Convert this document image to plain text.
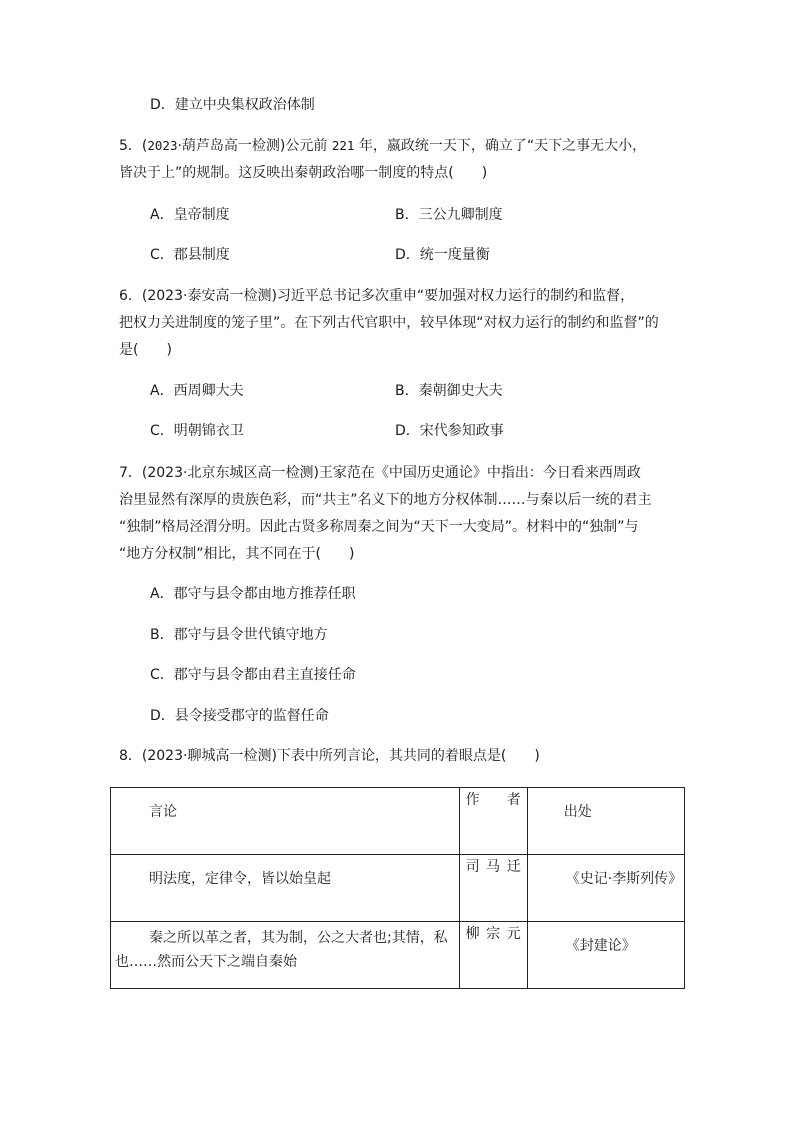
D．建立中央集权政治体制
5．(2023·葫芦岛高一检测)公元前 221 年，嬴政统一天下，确立了“天下之事无大小，
皆决于上”的规制。这反映出秦朝政治哪一制度的特点(　　)
A．皇帝制度	B．三公九卿制度
C．郡县制度	D．统一度量衡
6．(2023·泰安高一检测)习近平总书记多次重申“要加强对权力运行的制约和监督，
把权力关进制度的笼子里”。在下列古代官职中，较早体现“对权力运行的制约和监督”的
是(　　)
A．西周卿大夫	B．秦朝御史大夫
C．明朝锦衣卫	D．宋代参知政事
7．(2023·北京东城区高一检测)王家范在《中国历史通论》中指出：今日看来西周政
治里显然有深厚的贵族色彩，而“共主”名义下的地方分权体制……与秦以后一统的君主
“独制”格局泾渭分明。因此古贤多称周秦之间为“天下一大变局”。材料中的“独制”与
“地方分权制”相比，其不同在于(　　)
A．郡守与县令都由地方推荐任职
B．郡守与县令世代镇守地方
C．郡守与县令都由君主直接任命
D．县令接受郡守的监督任命
8．(2023·聊城高一检测)下表中所列言论，其共同的着眼点是(　　)
言论	作者	出处

明法度，定律令，皆以始皇起	司马迁	《史记·李斯列传》

秦之所以革之者，其为制，公之大者也;其情，私也……然而公天下之端自秦始	柳宗元	《封建论》
